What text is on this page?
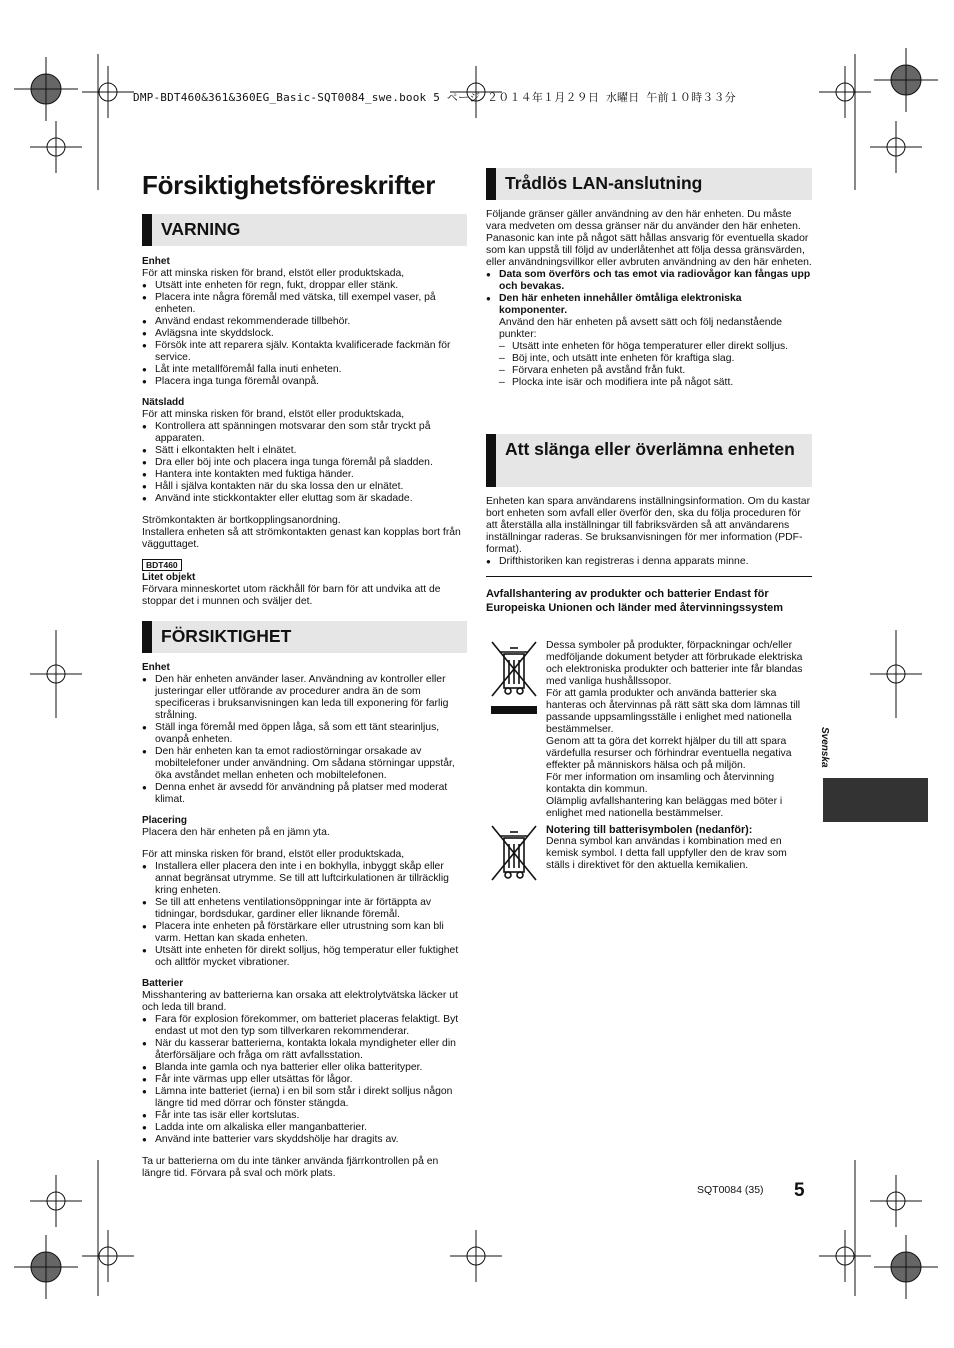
DMP-BDT460&361&360EG_Basic-SQT0084_swe.book 5 ページ ２０１４年１月２９日 水曜日 午前１０時３３分
Försiktighetsföreskrifter
VARNING

Enhet

För att minska risken för brand, elstöt eller produktskada,

● Utsätt inte enheten för regn, fukt, droppar eller stänk.
● Placera inte några föremål med vätska, till exempel vaser, på enheten.
● Använd endast rekommenderade tillbehör.
● Avlägsna inte skyddslock.
● Försök inte att reparera själv. Kontakta kvalificerade fackmän för service.
● Låt inte metallföremål falla inuti enheten.
● Placera inga tunga föremål ovanpå.

Nätsladd

För att minska risken för brand, elstöt eller produktskada,

● Kontrollera att spänningen motsvarar den som står tryckt på apparaten.
● Sätt i elkontakten helt i elnätet.
● Dra eller böj inte och placera inga tunga föremål på sladden.
● Hantera inte kontakten med fuktiga händer.
● Håll i själva kontakten när du ska lossa den ur elnätet.
● Använd inte stickkontakter eller eluttag som är skadade.

Strömkontakten är bortkopplingsanordning.

Installera enheten så att strömkontakten genast kan kopplas bort från vägguttaget.

BDT460

Litet objekt

Förvara minneskortet utom räckhåll för barn för att undvika att de stoppar det i munnen och sväljer det.

FÖRSIKTIGHET

Enhet

● Den här enheten använder laser. Användning av kontroller eller justeringar eller utförande av procedurer andra än de som specificeras i bruksanvisningen kan leda till exponering för farlig strålning.
● Ställ inga föremål med öppen låga, så som ett tänt stearinljus, ovanpå enheten.
● Den här enheten kan ta emot radiostörningar orsakade av mobiltelefoner under användning. Om sådana störningar uppstår, öka avståndet mellan enheten och mobiltelefonen.
● Denna enhet är avsedd för användning på platser med moderat klimat.

Placering

Placera den här enheten på en jämn yta.

För att minska risken för brand, elstöt eller produktskada,

● Installera eller placera den inte i en bokhylla, inbyggt skåp eller annat begränsat utrymme. Se till att luftcirkulationen är tillräcklig kring enheten.
● Se till att enhetens ventilationsöppningar inte är förtäppta av tidningar, bordsdukar, gardiner eller liknande föremål.
● Placera inte enheten på förstärkare eller utrustning som kan bli varm. Hettan kan skada enheten.
● Utsätt inte enheten för direkt solljus, hög temperatur eller fuktighet och alltför mycket vibrationer.

Batterier

Misshantering av batterierna kan orsaka att elektrolytvätska läcker ut och leda till brand.

● Fara för explosion förekommer, om batteriet placeras felaktigt. Byt endast ut mot den typ som tillverkaren rekommenderar.
● När du kasserar batterierna, kontakta lokala myndigheter eller din återförsäljare och fråga om rätt avfallsstation.
● Blanda inte gamla och nya batterier eller olika batterityper.
● Får inte värmas upp eller utsättas för lågor.
● Lämna inte batteriet (ierna) i en bil som står i direkt solljus någon längre tid med dörrar och fönster stängda.
● Får inte tas isär eller kortslutas.
● Ladda inte om alkaliska eller manganbatterier.
● Använd inte batterier vars skyddshölje har dragits av.

Ta ur batterierna om du inte tänker använda fjärrkontrollen på en längre tid. Förvara på sval och mörk plats.

Trådlös LAN-anslutning

Följande gränser gäller användning av den här enheten. Du måste vara medveten om dessa gränser när du använder den här enheten.

Panasonic kan inte på något sätt hållas ansvarig för eventuella skador som kan uppstå till följd av underlåtenhet att följa dessa gränsvärden, eller användningsvillkor eller avbruten användning av den här enheten.

● Data som överförs och tas emot via radiovågor kan fångas upp och bevakas.
● Den här enheten innehåller ömtåliga elektroniska komponenter.

Använd den här enheten på avsett sätt och följ nedanstående punkter:

– Utsätt inte enheten för höga temperaturer eller direkt solljus.
– Böj inte, och utsätt inte enheten för kraftiga slag.
– Förvara enheten på avstånd från fukt.
– Plocka inte isär och modifiera inte på något sätt.
Att slänga eller överlämna enheten

Enheten kan spara användarens inställningsinformation. Om du kastar bort enheten som avfall eller överför den, ska du följa proceduren för att återställa alla inställningar till fabriksvärden så att användarens inställningar raderas. Se bruksanvisningen för mer information (PDF-format).

● Drifthistoriken kan registreras i denna apparats minne.

Avfallshantering av produkter och batterier Endast för Europeiska Unionen och länder med återvinningssystem

Dessa symboler på produkter, förpackningar och/eller medföljande dokument betyder att förbrukade elektriska och elektroniska produkter och batterier inte får blandas med vanliga hushållssopor.

För att gamla produkter och använda batterier ska hanteras och återvinnas på rätt sätt ska dom lämnas till passande uppsamlingsställe i enlighet med nationella bestämmelser.

Genom att ta göra det korrekt hjälper du till att spara värdefulla resurser och förhindrar eventuella negativa effekter på människors hälsa och på miljön.

För mer information om insamling och återvinning kontakta din kommun.

Olämplig avfallshantering kan beläggas med böter i enlighet med nationella bestämmelser.

Notering till batterisymbolen (nedanför):

Denna symbol kan användas i kombination med en kemisk symbol. I detta fall uppfyller den de krav som ställs i direktivet för den aktuella kemikalien.

Svenska
SQT0084 (35) 5
